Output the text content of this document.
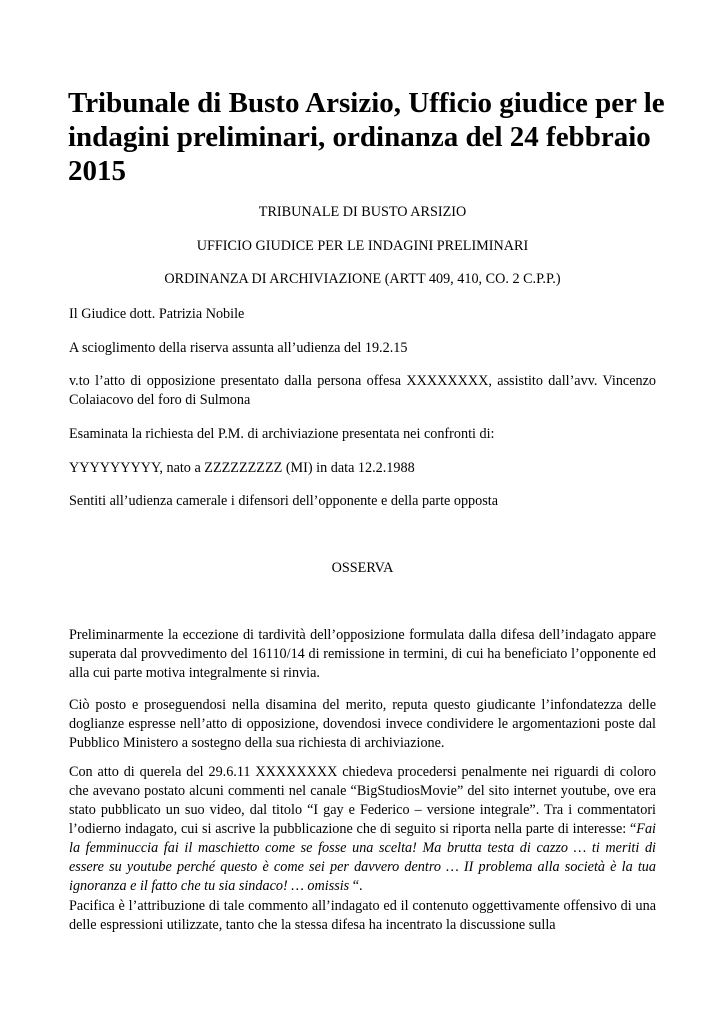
Tribunale di Busto Arsizio, Ufficio giudice per le indagini preliminari, ordinanza del 24 febbraio 2015

TRIBUNALE DI BUSTO ARSIZIO

UFFICIO GIUDICE PER LE INDAGINI PRELIMINARI

ORDINANZA DI ARCHIVIAZIONE (ARTT 409, 410, CO. 2 C.P.P.)

Il Giudice dott. Patrizia Nobile

A scioglimento della riserva assunta all’udienza del 19.2.15

v.to l’atto di opposizione presentato dalla persona offesa XXXXXXXX, assistito dall’avv. Vincenzo Colaiacovo del foro di Sulmona

Esaminata la richiesta del P.M. di archiviazione presentata nei confronti di:

YYYYYYYYY, nato a ZZZZZZZZZ (MI) in data 12.2.1988

Sentiti all’udienza camerale i difensori dell’opponente e della parte opposta

OSSERVA

Preliminarmente la eccezione di tardività dell’opposizione formulata dalla difesa dell’indagato appare superata dal provvedimento del 16110/14 di remissione in termini, di cui ha beneficiato l’opponente ed alla cui parte motiva integralmente si rinvia.

Ciò posto e proseguendosi nella disamina del merito, reputa questo giudicante l’infondatezza delle doglianze espresse nell’atto di opposizione, dovendosi invece condividere le argomentazioni poste dal Pubblico Ministero a sostegno della sua richiesta di archiviazione.

Con atto di querela del 29.6.11 XXXXXXXX chiedeva procedersi penalmente nei riguardi di coloro che avevano postato alcuni commenti nel canale “BigStudiosMovie” del sito internet youtube, ove era stato pubblicato un suo video, dal titolo “I gay e Federico – versione integrale”. Tra i commentatori l’odierno indagato, cui si ascrive la pubblicazione che di seguito si riporta nella parte di interesse: “Fai la femminuccia fai il maschietto come se fosse una scelta! Ma brutta testa di cazzo … ti meriti di essere su youtube perché questo è come sei per davvero dentro … II problema alla società è la tua ignoranza e il fatto che tu sia sindaco! … omissis “.

Pacifica è l’attribuzione di tale commento all’indagato ed il contenuto oggettivamente offensivo di una delle espressioni utilizzate, tanto che la stessa difesa ha incentrato la discussione sulla
